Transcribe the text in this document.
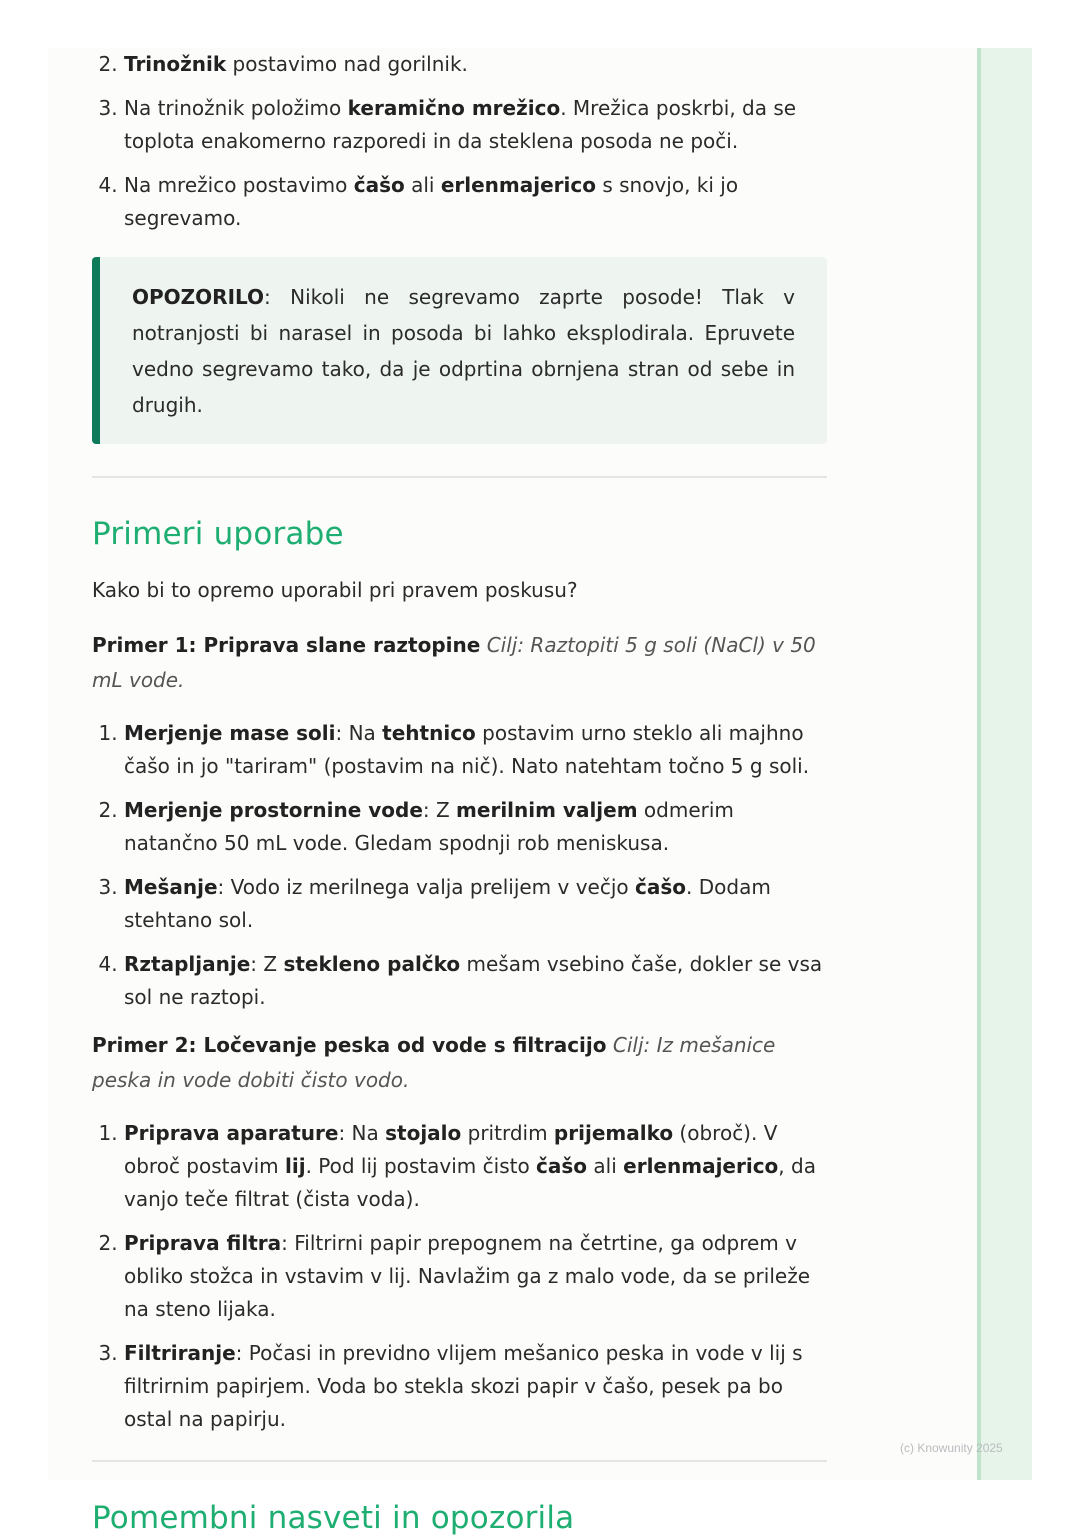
2. Trinožnik postavimo nad gorilnik.
3. Na trinožnik položimo keramično mrežico. Mrežica poskrbi, da se toplota enakomerno razporedi in da steklena posoda ne poči.
4. Na mrežico postavimo čašo ali erlenmajerico s snovjo, ki jo segrevamo.
OPOZORILO: Nikoli ne segrevamo zaprte posode! Tlak v notranjosti bi narasel in posoda bi lahko eksplodirala. Epruvete vedno segrevamo tako, da je odprtina obrnjena stran od sebe in drugih.
Primeri uporabe

Kako bi to opremo uporabil pri pravem poskusu?

Primer 1: Priprava slane raztopine Cilj: Raztopiti 5 g soli (NaCl) v 50 mL vode.

1. Merjenje mase soli: Na tehtnico postavim urno steklo ali majhno čašo in jo "tariram" (postavim na nič). Nato natehtam točno 5 g soli.
2. Merjenje prostornine vode: Z merilnim valjem odmerim natančno 50 mL vode. Gledam spodnji rob meniskusa.
3. Mešanje: Vodo iz merilnega valja prelijem v večjo čašo. Dodam stehtano sol.
4. Rztapljanje: Z stekleno palčko mešam vsebino čaše, dokler se vsa sol ne raztopi.

Primer 2: Ločevanje peska od vode s filtracijo Cilj: Iz mešanice peska in vode dobiti čisto vodo.

1. Priprava aparature: Na stojalo pritrdim prijemalko (obroč). V obroč postavim lij. Pod lij postavim čisto čašo ali erlenmajerico, da vanjo teče filtrat (čista voda).
2. Priprava filtra: Filtrirni papir prepognem na četrtine, ga odprem v obliko stožca in vstavim v lij. Navlažim ga z malo vode, da se prileže na steno lijaka.
3. Filtriranje: Počasi in previdno vlijem mešanico peska in vode v lij s filtrirnim papirjem. Voda bo stekla skozi papir v čašo, pesek pa bo ostal na papirju.
Pomembni nasveti in opozorila
(c) Knowunity 2025
